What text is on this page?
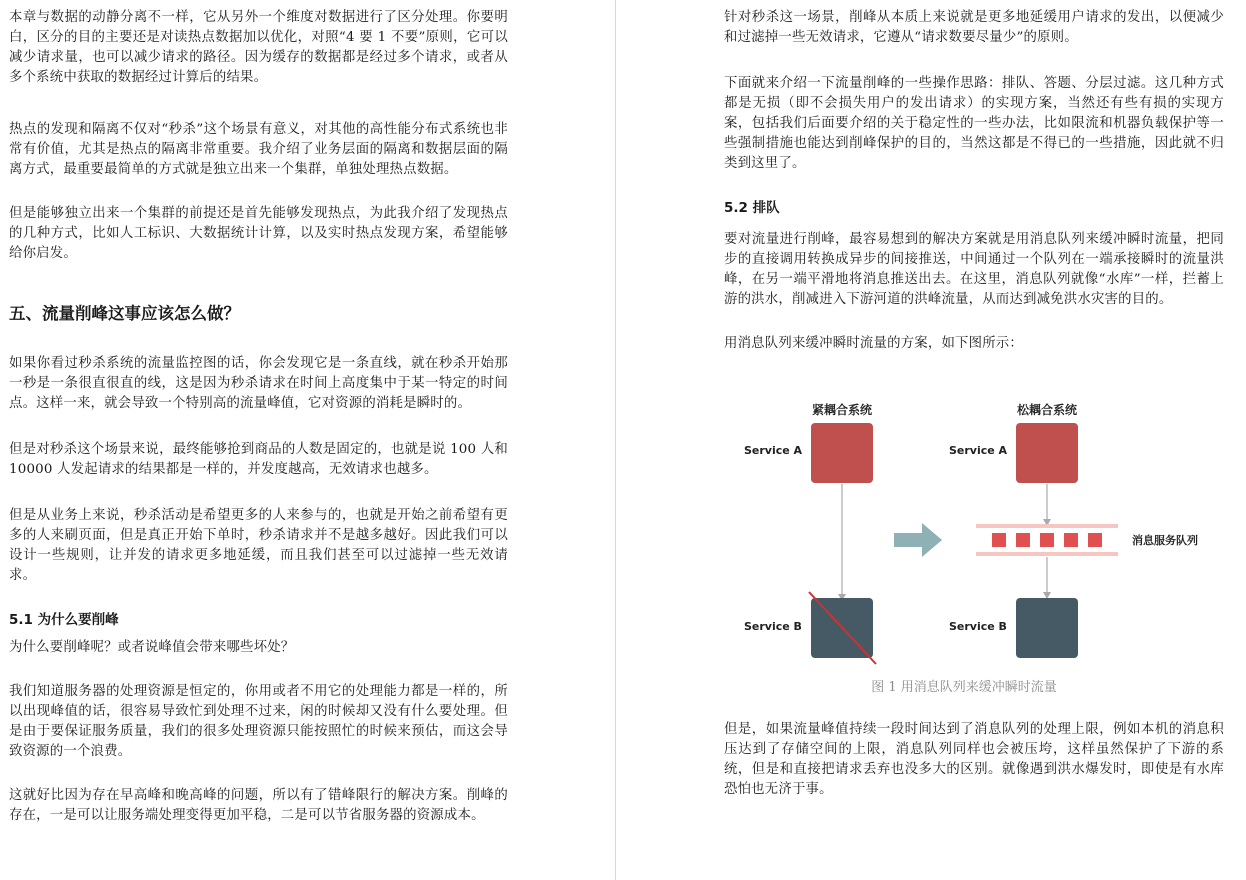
本章与数据的动静分离不一样，它从另外一个维度对数据进行了区分处理。你要明白，区分的目的主要还是对读热点数据加以优化，对照“4 要 1 不要”原则，它可以减少请求量，也可以减少请求的路径。因为缓存的数据都是经过多个请求，或者从多个系统中获取的数据经过计算后的结果。

热点的发现和隔离不仅对“秒杀”这个场景有意义，对其他的高性能分布式系统也非常有价值，尤其是热点的隔离非常重要。我介绍了业务层面的隔离和数据层面的隔离方式，最重要最简单的方式就是独立出来一个集群，单独处理热点数据。

但是能够独立出来一个集群的前提还是首先能够发现热点，为此我介绍了发现热点的几种方式，比如人工标识、大数据统计计算，以及实时热点发现方案，希望能够给你启发。

五、流量削峰这事应该怎么做？

如果你看过秒杀系统的流量监控图的话，你会发现它是一条直线，就在秒杀开始那一秒是一条很直很直的线，这是因为秒杀请求在时间上高度集中于某一特定的时间点。这样一来，就会导致一个特别高的流量峰值，它对资源的消耗是瞬时的。

但是对秒杀这个场景来说，最终能够抢到商品的人数是固定的，也就是说 100 人和 10000 人发起请求的结果都是一样的，并发度越高，无效请求也越多。

但是从业务上来说，秒杀活动是希望更多的人来参与的，也就是开始之前希望有更多的人来刷页面，但是真正开始下单时，秒杀请求并不是越多越好。因此我们可以设计一些规则，让并发的请求更多地延缓，而且我们甚至可以过滤掉一些无效请求。

5.1 为什么要削峰

为什么要削峰呢？或者说峰值会带来哪些坏处？

我们知道服务器的处理资源是恒定的，你用或者不用它的处理能力都是一样的，所以出现峰值的话，很容易导致忙到处理不过来，闲的时候却又没有什么要处理。但是由于要保证服务质量，我们的很多处理资源只能按照忙的时候来预估，而这会导致资源的一个浪费。

这就好比因为存在早高峰和晚高峰的问题，所以有了错峰限行的解决方案。削峰的存在，一是可以让服务端处理变得更加平稳，二是可以节省服务器的资源成本。

针对秒杀这一场景，削峰从本质上来说就是更多地延缓用户请求的发出，以便减少和过滤掉一些无效请求，它遵从“请求数要尽量少”的原则。

下面就来介绍一下流量削峰的一些操作思路：排队、答题、分层过滤。这几种方式都是无损（即不会损失用户的发出请求）的实现方案，当然还有些有损的实现方案，包括我们后面要介绍的关于稳定性的一些办法，比如限流和机器负载保护等一些强制措施也能达到削峰保护的目的，当然这都是不得已的一些措施，因此就不归类到这里了。

5.2 排队

要对流量进行削峰，最容易想到的解决方案就是用消息队列来缓冲瞬时流量，把同步的直接调用转换成异步的间接推送，中间通过一个队列在一端承接瞬时的流量洪峰，在另一端平滑地将消息推送出去。在这里，消息队列就像“水库”一样，拦蓄上游的洪水，削减进入下游河道的洪峰流量，从而达到减免洪水灾害的目的。

用消息队列来缓冲瞬时流量的方案，如下图所示：

紧耦合系统	松耦合系统
Service A
Service B
Service A
消息服务队列
Service B
图 1 用消息队列来缓冲瞬时流量

但是，如果流量峰值持续一段时间达到了消息队列的处理上限，例如本机的消息积压达到了存储空间的上限，消息队列同样也会被压垮，这样虽然保护了下游的系统，但是和直接把请求丢弃也没多大的区别。就像遇到洪水爆发时，即使是有水库恐怕也无济于事。
